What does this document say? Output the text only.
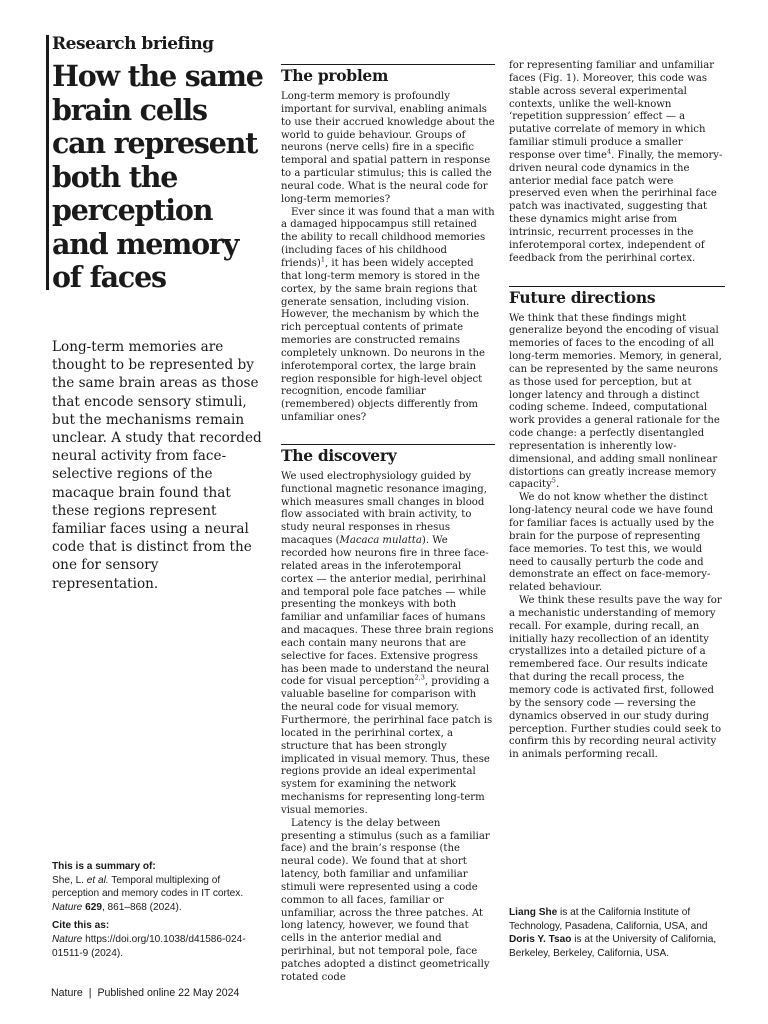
Research briefing
How the same brain cells can represent both the perception and memory of faces

Long-term memories are thought to be represented by the same brain areas as those that encode sensory stimuli, but the mechanisms remain unclear. A study that recorded neural activity from face-selective regions of the macaque brain found that these regions represent familiar faces using a neural code that is distinct from the one for sensory representation.

This is a summary of:

She, L. et al. Temporal multiplexing of perception and memory codes in IT cortex. Nature 629, 861–868 (2024).

Cite this as:

Nature https://doi.org/10.1038/d41586-024-01511-9 (2024).

The problem

Long-term memory is profoundly important for survival, enabling animals to use their accrued knowledge about the world to guide behaviour. Groups of neurons (nerve cells) fire in a specific temporal and spatial pattern in response to a particular stimulus; this is called the neural code. What is the neural code for long-term memories?

Ever since it was found that a man with a damaged hippocampus still retained the ability to recall childhood memories (including faces of his childhood friends)$^1$, it has been widely accepted that long-term memory is stored in the cortex, by the same brain regions that generate sensation, including vision. However, the mechanism by which the rich perceptual contents of primate memories are constructed remains completely unknown. Do neurons in the inferotemporal cortex, the large brain region responsible for high-level object recognition, encode familiar (remembered) objects differently from unfamiliar ones?

The discovery

We used electrophysiology guided by functional magnetic resonance imaging, which measures small changes in blood flow associated with brain activity, to study neural responses in rhesus macaques (Macaca mulatta). We recorded how neurons fire in three face-related areas in the inferotemporal cortex — the anterior medial, perirhinal and temporal pole face patches — while presenting the monkeys with both familiar and unfamiliar faces of humans and macaques. These three brain regions each contain many neurons that are selective for faces. Extensive progress has been made to understand the neural code for visual perception$^{2,3}$, providing a valuable baseline for comparison with the neural code for visual memory. Furthermore, the perirhinal face patch is located in the perirhinal cortex, a structure that has been strongly implicated in visual memory. Thus, these regions provide an ideal experimental system for examining the network mechanisms for representing long-term visual memories.

Latency is the delay between presenting a stimulus (such as a familiar face) and the brain’s response (the neural code). We found that at short latency, both familiar and unfamiliar stimuli were represented using a code common to all faces, familiar or unfamiliar, across the three patches. At long latency, however, we found that cells in the anterior medial and perirhinal, but not temporal pole, face patches adopted a distinct geometrically rotated code

for representing familiar and unfamiliar faces (Fig. 1). Moreover, this code was stable across several experimental contexts, unlike the well-known ‘repetition suppression’ effect — a putative correlate of memory in which familiar stimuli produce a smaller response over time$^4$. Finally, the memory-driven neural code dynamics in the anterior medial face patch were preserved even when the perirhinal face patch was inactivated, suggesting that these dynamics might arise from intrinsic, recurrent processes in the inferotemporal cortex, independent of feedback from the perirhinal cortex.

Future directions

We think that these findings might generalize beyond the encoding of visual memories of faces to the encoding of all long-term memories. Memory, in general, can be represented by the same neurons as those used for perception, but at longer latency and through a distinct coding scheme. Indeed, computational work provides a general rationale for the code change: a perfectly disentangled representation is inherently low-dimensional, and adding small nonlinear distortions can greatly increase memory capacity$^5$.

We do not know whether the distinct long-latency neural code we have found for familiar faces is actually used by the brain for the purpose of representing face memories. To test this, we would need to causally perturb the code and demonstrate an effect on face-memory-related behaviour.

We think these results pave the way for a mechanistic understanding of memory recall. For example, during recall, an initially hazy recollection of an identity crystallizes into a detailed picture of a remembered face. Our results indicate that during the recall process, the memory code is activated first, followed by the sensory code — reversing the dynamics observed in our study during perception. Further studies could seek to confirm this by recording neural activity in animals performing recall.

Liang She is at the California Institute of Technology, Pasadena, California, USA, and Doris Y. Tsao is at the University of California, Berkeley, Berkeley, California, USA.

Nature | Published online 22 May 2024
